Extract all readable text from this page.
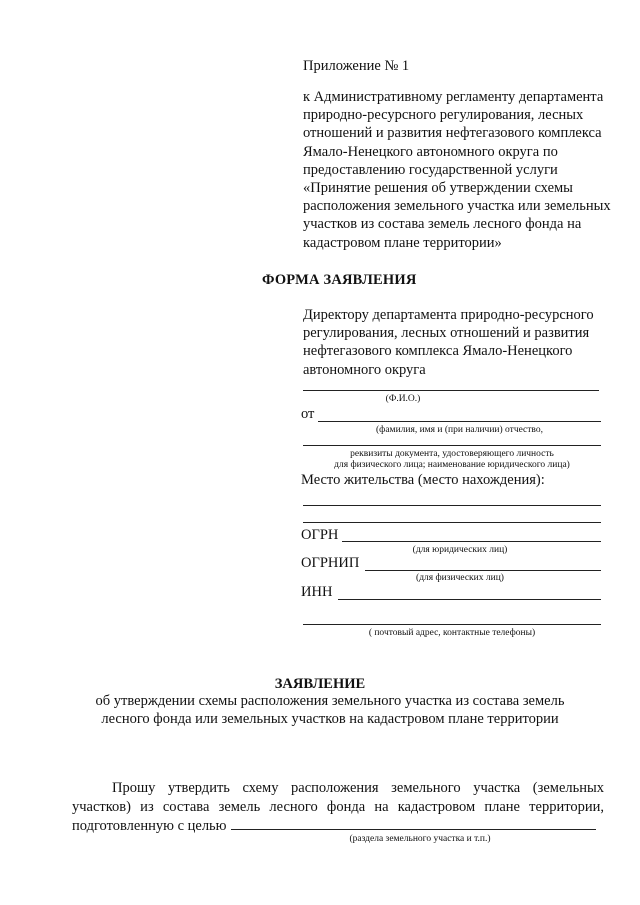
Приложение № 1
к Административному регламенту департамента природно-ресурсного регулирования, лесных отношений и развития нефтегазового комплекса Ямало-Ненецкого автономного округа по предоставлению государственной услуги «Принятие решения об утверждении схемы расположения земельного участка или земельных участков из состава земель лесного фонда на кадастровом плане территории»
ФОРМА ЗАЯВЛЕНИЯ
Директору департамента природно-ресурсного регулирования, лесных отношений и развития нефтегазового комплекса Ямало-Ненецкого автономного округа
(Ф.И.О.)
от
(фамилия, имя и (при наличии) отчество,
реквизиты документа, удостоверяющего личность
для физического лица; наименование юридического лица)
Место жительства (место нахождения):
ОГРН
(для юридических лиц)
ОГРНИП
(для физических лиц)
ИНН
( почтовый адрес, контактные телефоны)
ЗАЯВЛЕНИЕ
об утверждении схемы расположения земельного участка из состава земель лесного фонда или земельных участков на кадастровом плане территории
Прошу утвердить схему расположения земельного участка (земельных участков) из состава земель лесного фонда на кадастровом плане территории, подготовленную с целью
(раздела земельного участка и т.п.)
